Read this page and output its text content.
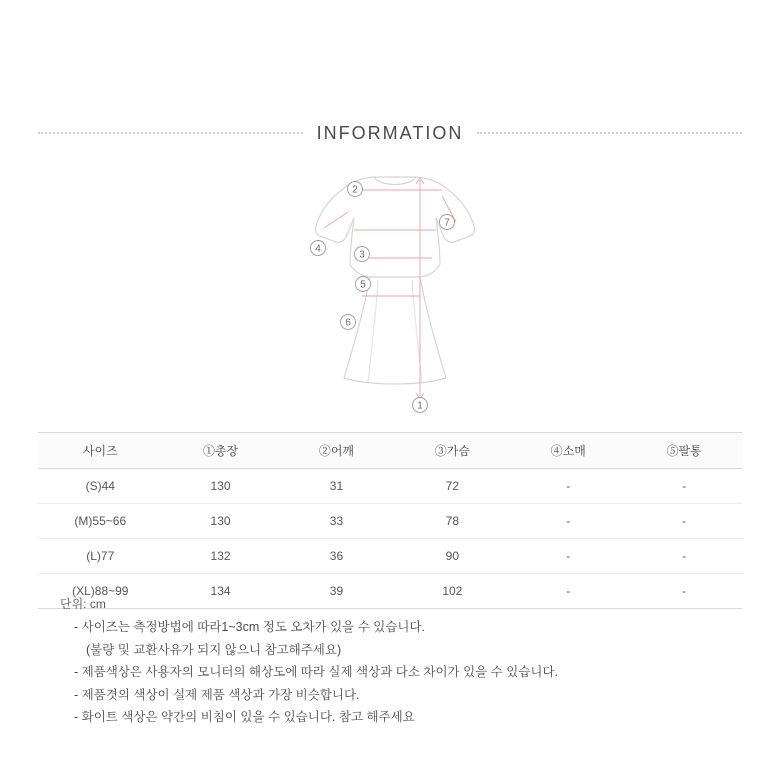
INFORMATION
1
2
3
4
5
6
7
사이즈	①총장	②어깨	③가슴	④소매	⑤팔통
(S)44	130	31	72	-	-
(M)55~66	130	33	78	-	-
(L)77	132	36	90	-	-
(XL)88~99	134	39	102	-	-
단위: cm
- 사이즈는 측정방법에 따라1~3cm 정도 오차가 있을 수 있습니다.
(불량 및 교환사유가 되지 않으니 참고해주세요)
- 제품색상은 사용자의 모니터의 해상도에 따라 실제 색상과 다소 차이가 있을 수 있습니다.
- 제품겻의 색상이 실제 제품 색상과 가장 비슷합니다.
- 화이트 색상은 약간의 비침이 있을 수 있습니다. 참고 해주세요
